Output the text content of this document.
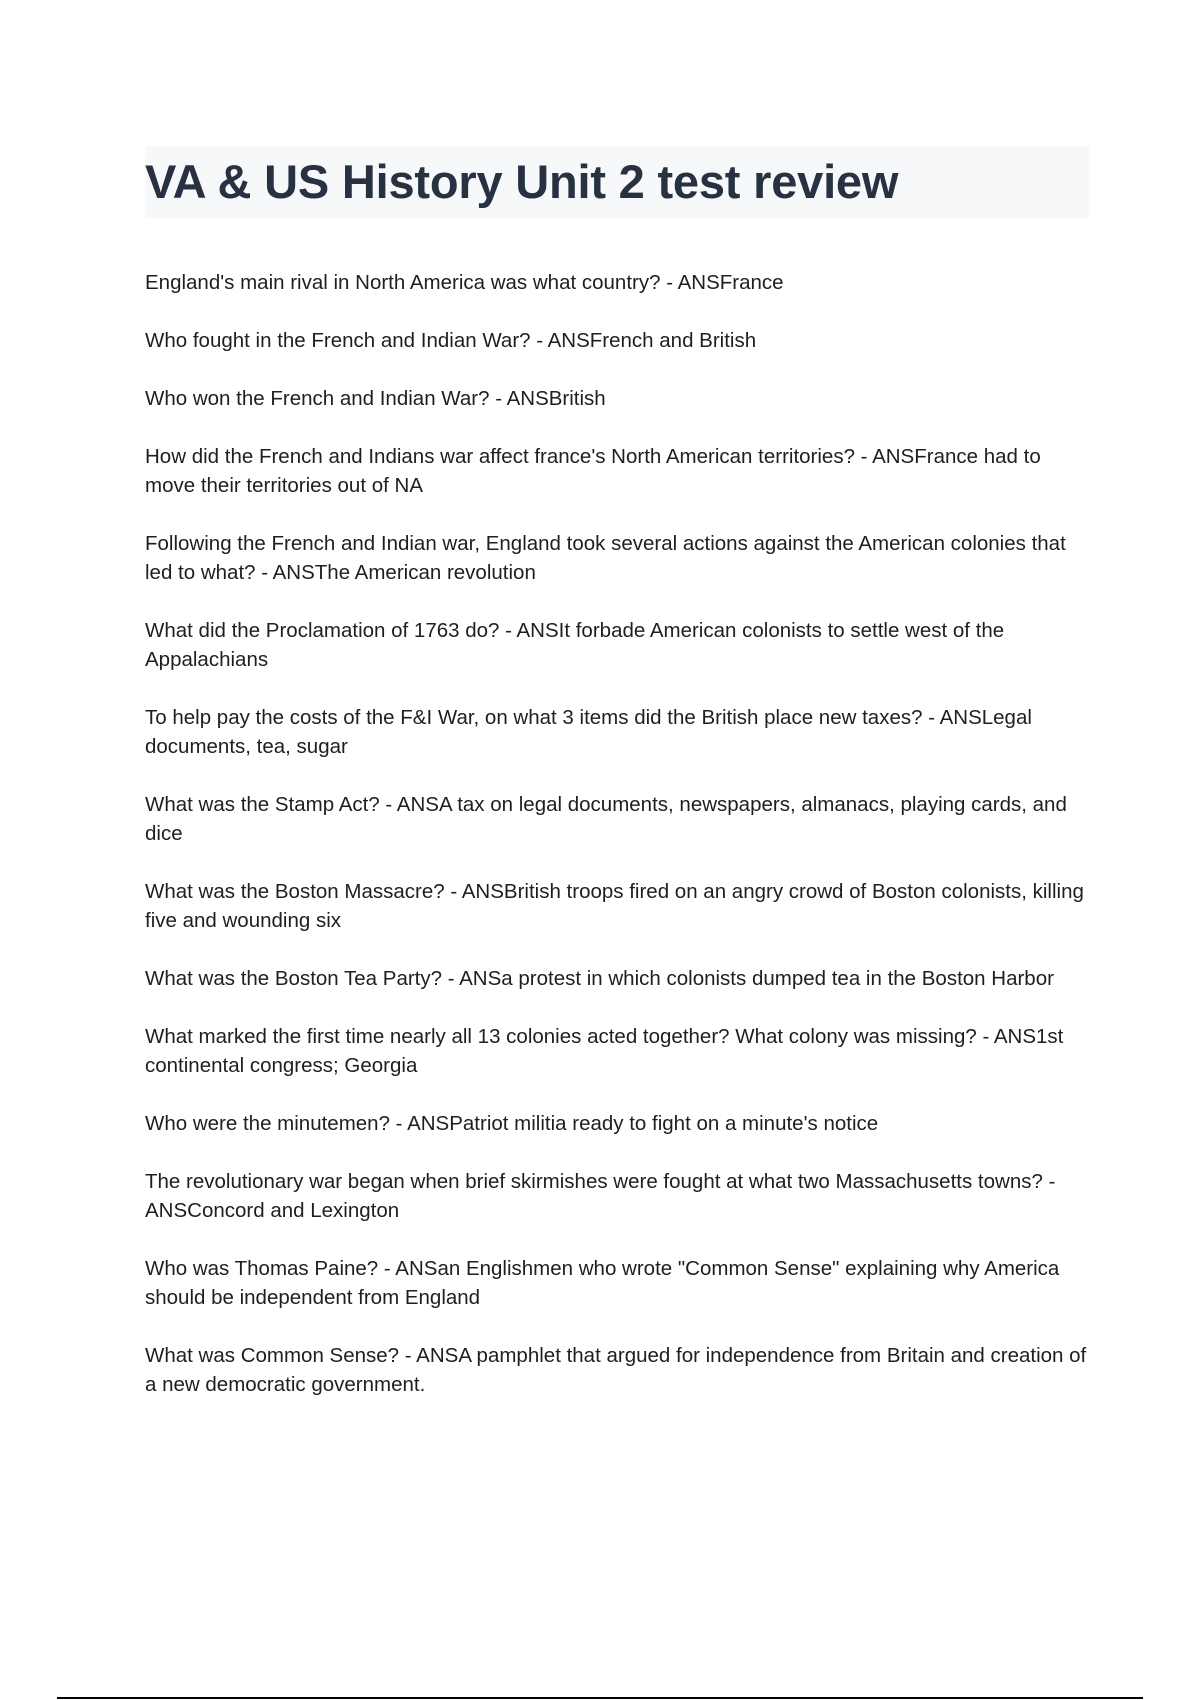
VA & US History Unit 2 test review
England's main rival in North America was what country? - ANSFrance
Who fought in the French and Indian War? - ANSFrench and British
Who won the French and Indian War? - ANSBritish
How did the French and Indians war affect france's North American territories? - ANSFrance had to move their territories out of NA
Following the French and Indian war, England took several actions against the American colonies that led to what? - ANSThe American revolution
What did the Proclamation of 1763 do? - ANSIt forbade American colonists to settle west of the Appalachians
To help pay the costs of the F&I War, on what 3 items did the British place new taxes? - ANSLegal documents, tea, sugar
What was the Stamp Act? - ANSA tax on legal documents, newspapers, almanacs, playing cards, and dice
What was the Boston Massacre? - ANSBritish troops fired on an angry crowd of Boston colonists, killing five and wounding six
What was the Boston Tea Party? - ANSa protest in which colonists dumped tea in the Boston Harbor
What marked the first time nearly all 13 colonies acted together? What colony was missing? - ANS1st continental congress; Georgia
Who were the minutemen? - ANSPatriot militia ready to fight on a minute's notice
The revolutionary war began when brief skirmishes were fought at what two Massachusetts towns? - ANSConcord and Lexington
Who was Thomas Paine? - ANSan Englishmen who wrote "Common Sense" explaining why America should be independent from England
What was Common Sense? - ANSA pamphlet that argued for independence from Britain and creation of a new democratic government.
